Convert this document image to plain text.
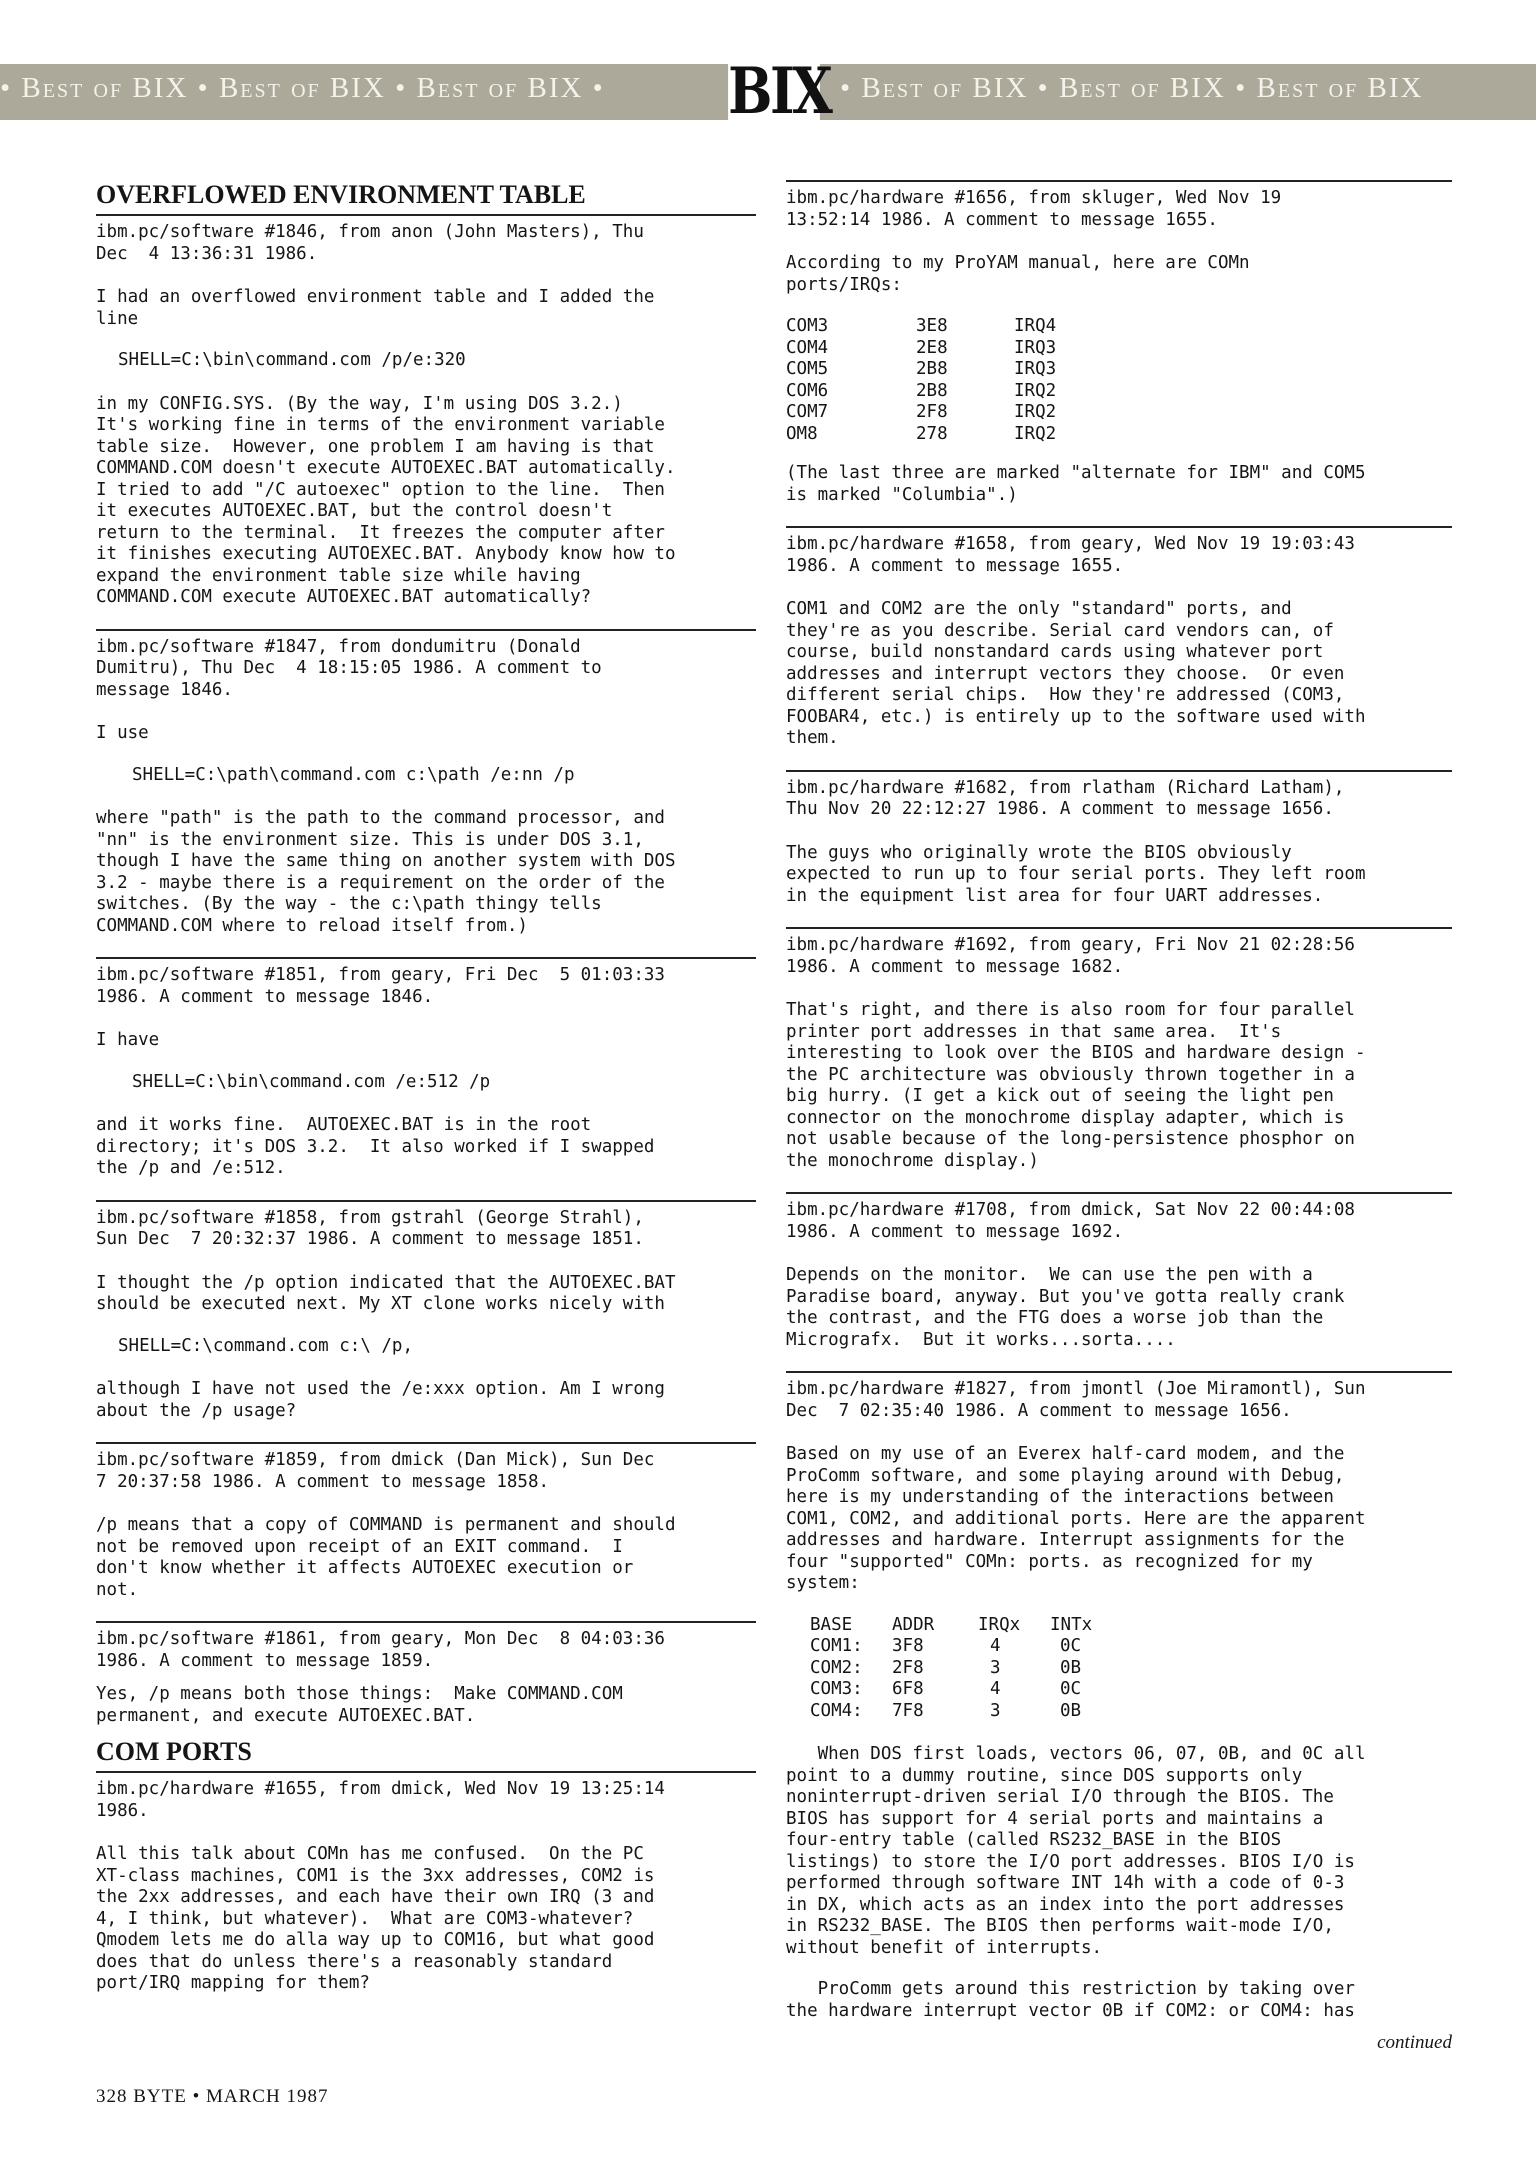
• Best of BIX • Best of BIX • Best of BIX •	• Best of BIX • Best of BIX • Best of BIX
BIX
OVERFLOWED ENVIRONMENT TABLE
ibm.pc/software #1846, from anon (John Masters), Thu
Dec  4 13:36:31 1986.
I had an overflowed environment table and I added the
line
SHELL=C:\bin\command.com /p/e:320
in my CONFIG.SYS. (By the way, I'm using DOS 3.2.)
It's working fine in terms of the environment variable
table size.  However, one problem I am having is that
COMMAND.COM doesn't execute AUTOEXEC.BAT automatically.
I tried to add "/C autoexec" option to the line.  Then
it executes AUTOEXEC.BAT, but the control doesn't
return to the terminal.  It freezes the computer after
it finishes executing AUTOEXEC.BAT. Anybody know how to
expand the environment table size while having
COMMAND.COM execute AUTOEXEC.BAT automatically?
ibm.pc/software #1847, from dondumitru (Donald
Dumitru), Thu Dec  4 18:15:05 1986. A comment to
message 1846.
I use
SHELL=C:\path\command.com c:\path /e:nn /p
where "path" is the path to the command processor, and
"nn" is the environment size. This is under DOS 3.1,
though I have the same thing on another system with DOS
3.2 - maybe there is a requirement on the order of the
switches. (By the way - the c:\path thingy tells
COMMAND.COM where to reload itself from.)
ibm.pc/software #1851, from geary, Fri Dec  5 01:03:33
1986. A comment to message 1846.
I have
SHELL=C:\bin\command.com /e:512 /p
and it works fine.  AUTOEXEC.BAT is in the root
directory; it's DOS 3.2.  It also worked if I swapped
the /p and /e:512.
ibm.pc/software #1858, from gstrahl (George Strahl),
Sun Dec  7 20:32:37 1986. A comment to message 1851.
I thought the /p option indicated that the AUTOEXEC.BAT
should be executed next. My XT clone works nicely with
SHELL=C:\command.com c:\ /p,
although I have not used the /e:xxx option. Am I wrong
about the /p usage?
ibm.pc/software #1859, from dmick (Dan Mick), Sun Dec
7 20:37:58 1986. A comment to message 1858.
/p means that a copy of COMMAND is permanent and should
not be removed upon receipt of an EXIT command.  I
don't know whether it affects AUTOEXEC execution or
not.
ibm.pc/software #1861, from geary, Mon Dec  8 04:03:36
1986. A comment to message 1859.
Yes, /p means both those things:  Make COMMAND.COM
permanent, and execute AUTOEXEC.BAT.
COM PORTS
ibm.pc/hardware #1655, from dmick, Wed Nov 19 13:25:14
1986.
All this talk about COMn has me confused.  On the PC
XT-class machines, COM1 is the 3xx addresses, COM2 is
the 2xx addresses, and each have their own IRQ (3 and
4, I think, but whatever).  What are COM3-whatever?
Qmodem lets me do alla way up to COM16, but what good
does that do unless there's a reasonably standard
port/IRQ mapping for them?
ibm.pc/hardware #1656, from skluger, Wed Nov 19
13:52:14 1986. A comment to message 1655.
According to my ProYAM manual, here are COMn
ports/IRQs:
COM3	3E8	IRQ4
COM4	2E8	IRQ3
COM5	2B8	IRQ3
COM6	2B8	IRQ2
COM7	2F8	IRQ2
OM8	278	IRQ2
(The last three are marked "alternate for IBM" and COM5
is marked "Columbia".)
ibm.pc/hardware #1658, from geary, Wed Nov 19 19:03:43
1986. A comment to message 1655.
COM1 and COM2 are the only "standard" ports, and
they're as you describe. Serial card vendors can, of
course, build nonstandard cards using whatever port
addresses and interrupt vectors they choose.  Or even
different serial chips.  How they're addressed (COM3,
FOOBAR4, etc.) is entirely up to the software used with
them.
ibm.pc/hardware #1682, from rlatham (Richard Latham),
Thu Nov 20 22:12:27 1986. A comment to message 1656.
The guys who originally wrote the BIOS obviously
expected to run up to four serial ports. They left room
in the equipment list area for four UART addresses.
ibm.pc/hardware #1692, from geary, Fri Nov 21 02:28:56
1986. A comment to message 1682.
That's right, and there is also room for four parallel
printer port addresses in that same area.  It's
interesting to look over the BIOS and hardware design -
the PC architecture was obviously thrown together in a
big hurry. (I get a kick out of seeing the light pen
connector on the monochrome display adapter, which is
not usable because of the long-persistence phosphor on
the monochrome display.)
ibm.pc/hardware #1708, from dmick, Sat Nov 22 00:44:08
1986. A comment to message 1692.
Depends on the monitor.  We can use the pen with a
Paradise board, anyway. But you've gotta really crank
the contrast, and the FTG does a worse job than the
Micrografx.  But it works...sorta....
ibm.pc/hardware #1827, from jmontl (Joe Miramontl), Sun
Dec  7 02:35:40 1986. A comment to message 1656.
Based on my use of an Everex half-card modem, and the
ProComm software, and some playing around with Debug,
here is my understanding of the interactions between
COM1, COM2, and additional ports. Here are the apparent
addresses and hardware. Interrupt assignments for the
four "supported" COMn: ports. as recognized for my
system:
BASE	ADDR	IRQx	INTx
COM1:	3F8	4	0C
COM2:	2F8	3	0B
COM3:	6F8	4	0C
COM4:	7F8	3	0B
When DOS first loads, vectors 06, 07, 0B, and 0C all
point to a dummy routine, since DOS supports only
noninterrupt-driven serial I/O through the BIOS. The
BIOS has support for 4 serial ports and maintains a
four-entry table (called RS232_BASE in the BIOS
listings) to store the I/O port addresses. BIOS I/O is
performed through software INT 14h with a code of 0-3
in DX, which acts as an index into the port addresses
in RS232_BASE. The BIOS then performs wait-mode I/O,
without benefit of interrupts.
ProComm gets around this restriction by taking over
the hardware interrupt vector 0B if COM2: or COM4: has
continued
328 BYTE • MARCH 1987
